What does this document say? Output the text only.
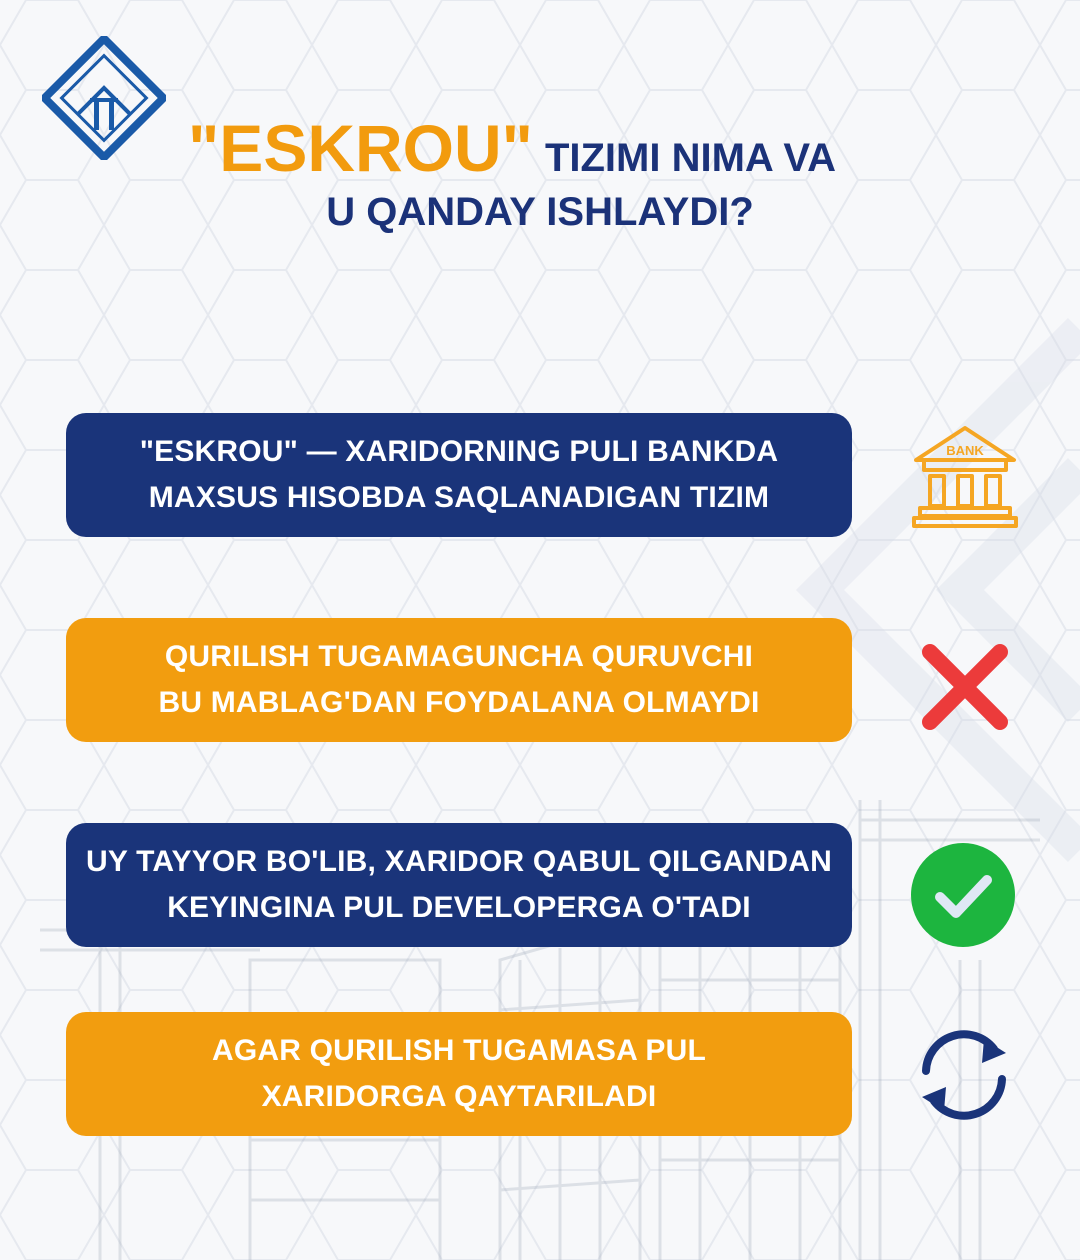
"ESKROU" TIZIMI NIMA VA
U QANDAY ISHLAYDI?
"ESKROU" — XARIDORNING PULI BANKDA
MAXSUS HISOBDA SAQLANADIGAN TIZIM
QURILISH TUGAMAGUNCHA QURUVCHI
BU MABLAG'DAN FOYDALANA OLMAYDI
UY TAYYOR BO'LIB, XARIDOR QABUL QILGANDAN
KEYINGINA PUL DEVELOPERGA O'TADI
AGAR QURILISH TUGAMASA PUL
XARIDORGA QAYTARILADI
BANK
